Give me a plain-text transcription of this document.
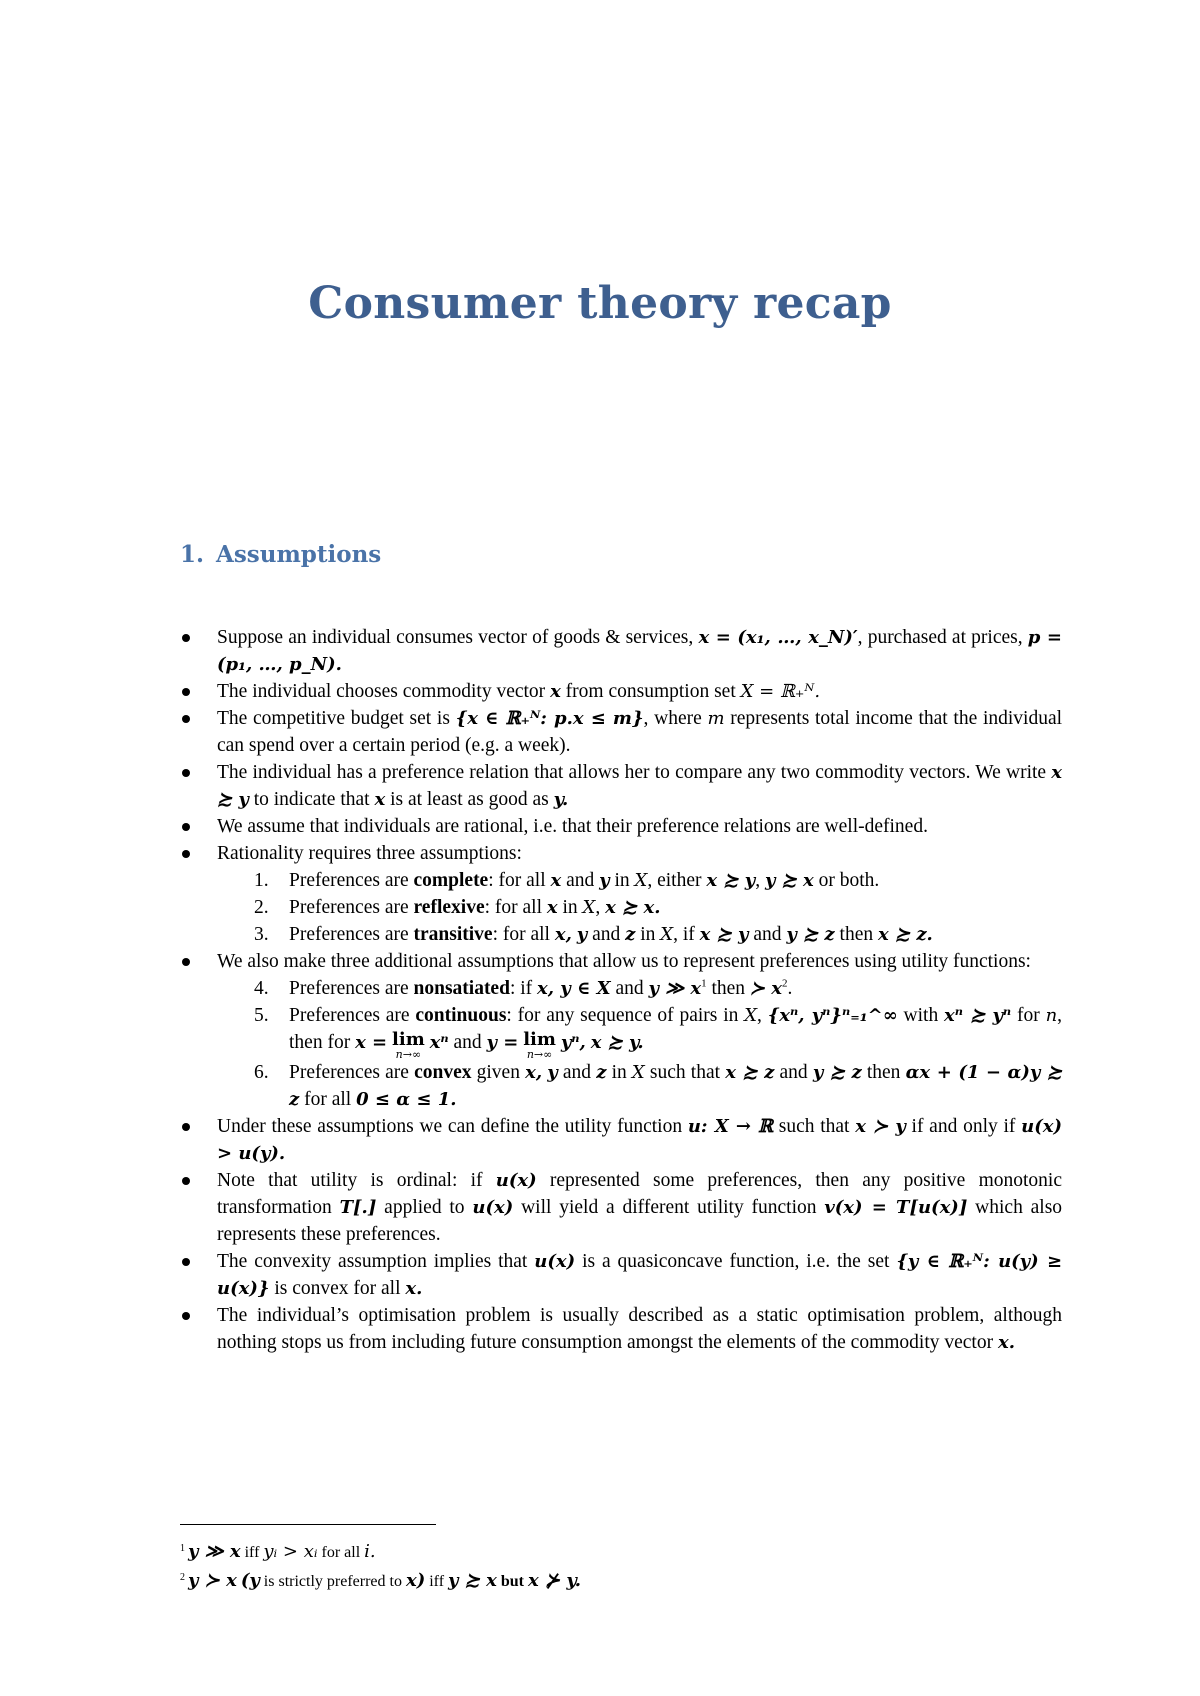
Consumer theory recap
1. Assumptions
Suppose an individual consumes vector of goods & services, x = (x₁, …, x_N)′, purchased at prices, p = (p₁, …, p_N).
The individual chooses commodity vector x from consumption set X = ℝ₊ᴺ.
The competitive budget set is {x ∈ ℝ₊ᴺ: p.x ≤ m}, where m represents total income that the individual can spend over a certain period (e.g. a week).
The individual has a preference relation that allows her to compare any two commodity vectors. We write x ≿ y to indicate that x is at least as good as y.
We assume that individuals are rational, i.e. that their preference relations are well-defined.
Rationality requires three assumptions:
1. Preferences are complete: for all x and y in X, either x ≿ y, y ≿ x or both.
2. Preferences are reflexive: for all x in X, x ≿ x.
3. Preferences are transitive: for all x, y and z in X, if x ≿ y and y ≿ z then x ≿ z.
We also make three additional assumptions that allow us to represent preferences using utility functions:
4. Preferences are nonsatiated: if x, y ∈ X and y ≫ $x^1$ then ≻ $x^2$.
5. Preferences are continuous: for any sequence of pairs in X, {xⁿ, yⁿ}ⁿ₌₁^∞ with xⁿ ≿ yⁿ for n, then for x = lim
n→∞
xⁿ and y = lim
n→∞
yⁿ, x ≿ y.
6. Preferences are convex given x, y and z in X such that x ≿ z and y ≿ z then αx + (1 − α)y ≿ z for all 0 ≤ α ≤ 1.
Under these assumptions we can define the utility function u: X → ℝ such that x ≻ y if and only if u(x) > u(y).
Note that utility is ordinal: if u(x) represented some preferences, then any positive monotonic transformation T[.] applied to u(x) will yield a different utility function v(x) = T[u(x)] which also represents these preferences.
The convexity assumption implies that u(x) is a quasiconcave function, i.e. the set {y ∈ ℝ₊ᴺ: u(y) ≥ u(x)} is convex for all x.
The individual’s optimisation problem is usually described as a static optimisation problem, although nothing stops us from including future consumption amongst the elements of the commodity vector x.
$^1$ y ≫ x iff yᵢ > xᵢ for all i.
$^2$ y ≻ x (y is strictly preferred to x) iff y ≿ x but x ⊁ y.
